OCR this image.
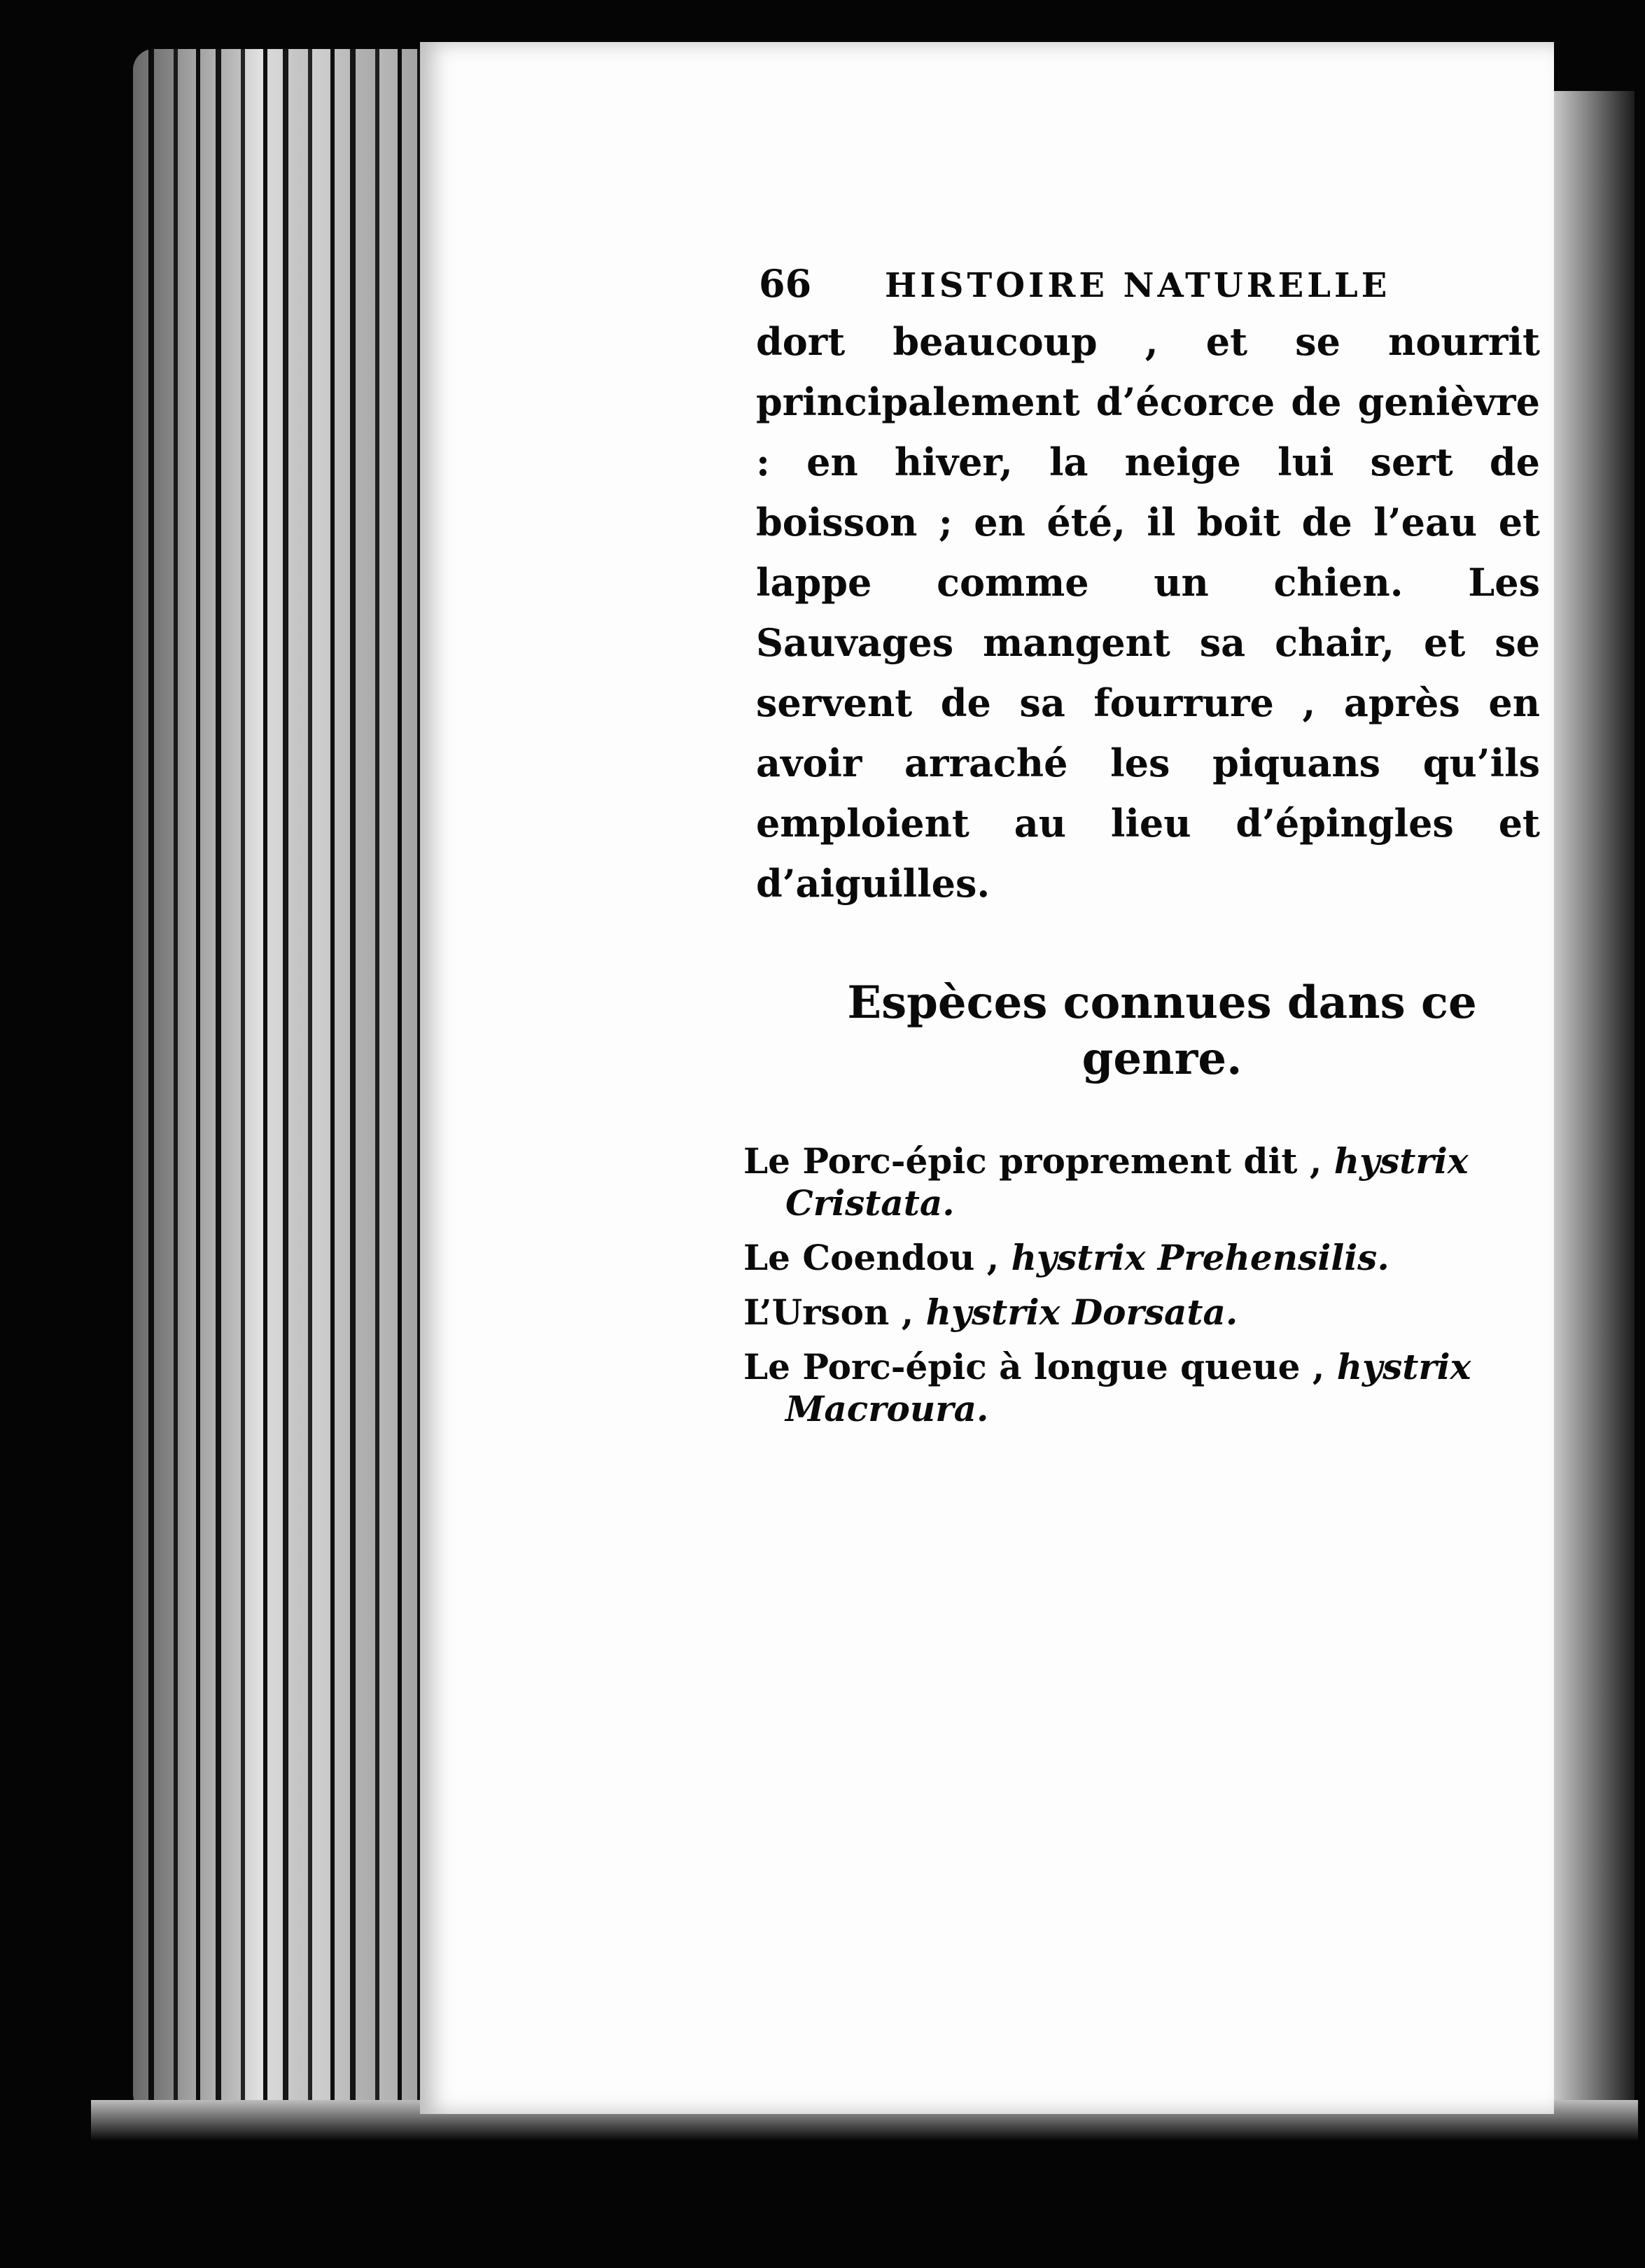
66	HISTOIRE NATURELLE
dort beaucoup , et se nourrit principalement d’écorce de genièvre : en hiver, la neige lui sert de boisson ; en été, il boit de l’eau et lappe comme un chien. Les Sauvages mangent sa chair, et se servent de sa fourrure , après en avoir arraché les piquans qu’ils emploient au lieu d’épingles et d’aiguilles.
Espèces connues dans ce genre.
Le Porc-épic proprement dit , hystrix Cristata.
Le Coendou , hystrix Prehensilis.
L’Urson , hystrix Dorsata.
Le Porc-épic à longue queue , hystrix Macroura.
